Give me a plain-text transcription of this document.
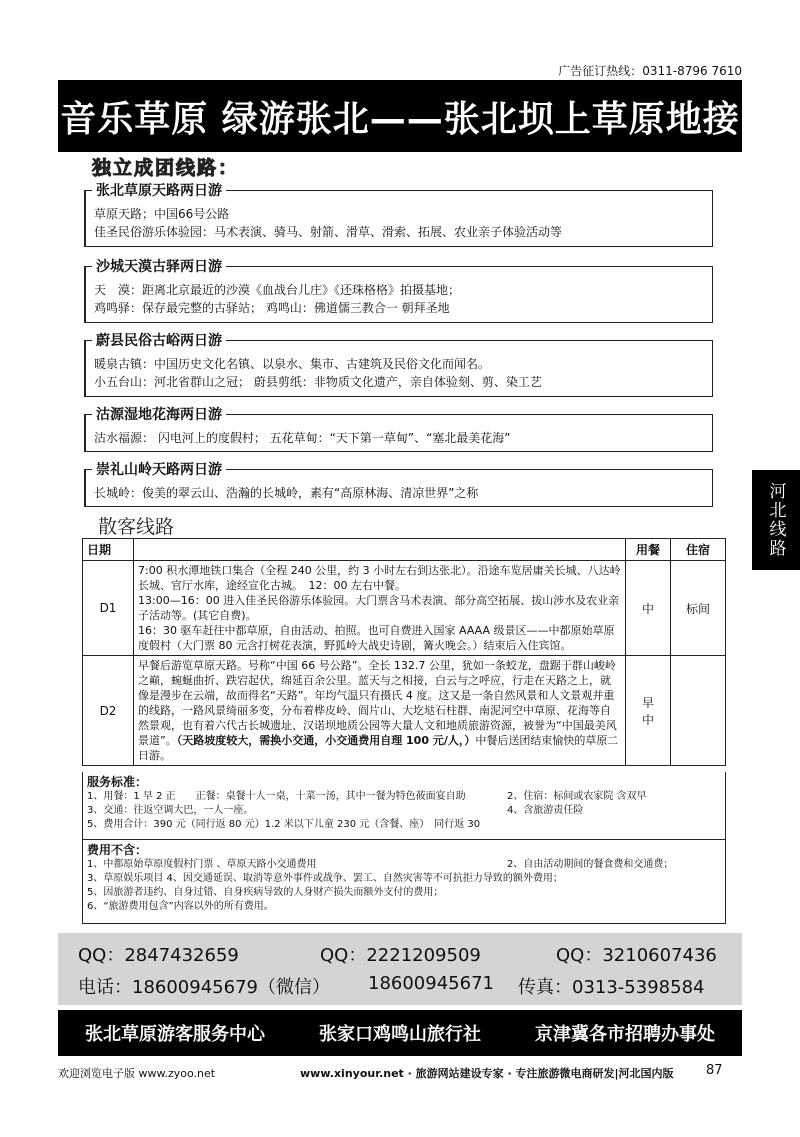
广告征订热线：0311-8796 7610
音乐草原 绿游张北——张北坝上草原地接
独立成团线路：
张北草原天路两日游
草原天路；中国66号公路
佳圣民俗游乐体验园：马术表演、骑马、射箭、滑草、滑索、拓展、农业亲子体验活动等
沙城天漠古驿两日游
天　漠：距离北京最近的沙漠《血战台儿庄》《还珠格格》拍摄基地；
鸡鸣驿：保存最完整的古驿站； 鸡鸣山：佛道儒三教合一 朝拜圣地
蔚县民俗古峪两日游
暖泉古镇：中国历史文化名镇、以泉水、集市、古建筑及民俗文化而闻名。
小五台山：河北省群山之冠； 蔚县剪纸：非物质文化遗产，亲自体验刻、剪、染工艺
沽源湿地花海两日游
沽水福源： 闪电河上的度假村； 五花草甸：“天下第一草甸”、“塞北最美花海”
崇礼山岭天路两日游
长城岭：俊美的翠云山、浩瀚的长城岭，素有“高原林海、清凉世界”之称
散客线路
日期		用餐	住宿
D1	7:00 积水潭地铁口集合（全程 240 公里，约 3 小时左右到达张北）。沿途车览居庸关长城、八达岭长城、官厅水库，途经宣化古城。　12：00 左右中餐。
13:00—16：00 进入佳圣民俗游乐体验园。大门票含马术表演、部分高空拓展、拔山涉水及农业亲子活动等。(其它自费)。
16：30 驱车赶往中都草原，自由活动、拍照。也可自费进入国家 AAAA 级景区——中都原始草原度假村（大门票 80 元含打树花表演，野狐岭大战史诗剧，篝火晚会。）结束后入住宾馆。	中	标间
D2	早餐后游览草原天路。号称“中国 66 号公路”。全长 132.7 公里，犹如一条蛟龙，盘踞于群山峻岭之巅，蜿蜒曲折、跌宕起伏，绵延百余公里。蓝天与之相接，白云与之呼应，行走在天路之上，就像是漫步在云端，故而得名“天路”。年均气温只有摄氏 4 度。这又是一条自然风景和人文景观并重的线路，一路风景绮丽多变，分布着桦皮岭、阎片山、大圪垯石柱群、南泥河空中草原、花海等自然景观，也有着六代古长城遗址、汉诺坝地质公园等大量人文和地质旅游资源，被誉为“中国最美风景道”。（天路坡度较大，需换小交通，小交通费用自理 100 元/人，）中餐后送团结束愉快的草原二日游。	早
中	

服务标准：
1、用餐：1 早 2 正　　正餐：桌餐十人一桌，十菜一汤，其中一餐为特色莜面宴自助	2、住宿：标间或农家院 含双早
3、交通：往返空调大巴，一人一座。	4、含旅游责任险
5、费用合计：390 元（同行返 80 元）1.2 米以下儿童 230 元（含餐、座）　同行返 30
费用不含：
1、中都原始草原度假村门票 、草原天路小交通费用	2、自由活动期间的餐食费和交通费；
3、草原娱乐项目 4、因交通延误、取消等意外事件或战争、罢工、自然灾害等不可抗拒力导致的额外费用；
5、因旅游者违约、自身过错、自身疾病导致的人身财产损失而额外支付的费用；
6、“旅游费用包含”内容以外的所有费用。
QQ：2847432659	QQ：2221209509	QQ：3210607436
电话：18600945679（微信） 18600945671 传真：0313-5398584
张北草原游客服务中心	张家口鸡鸣山旅行社	京津冀各市招聘办事处
欢迎浏览电子版 www.zyoo.net	www.xinyour.net · 旅游网站建设专家 · 专注旅游微电商研发|河北国内版	87
河北线路
